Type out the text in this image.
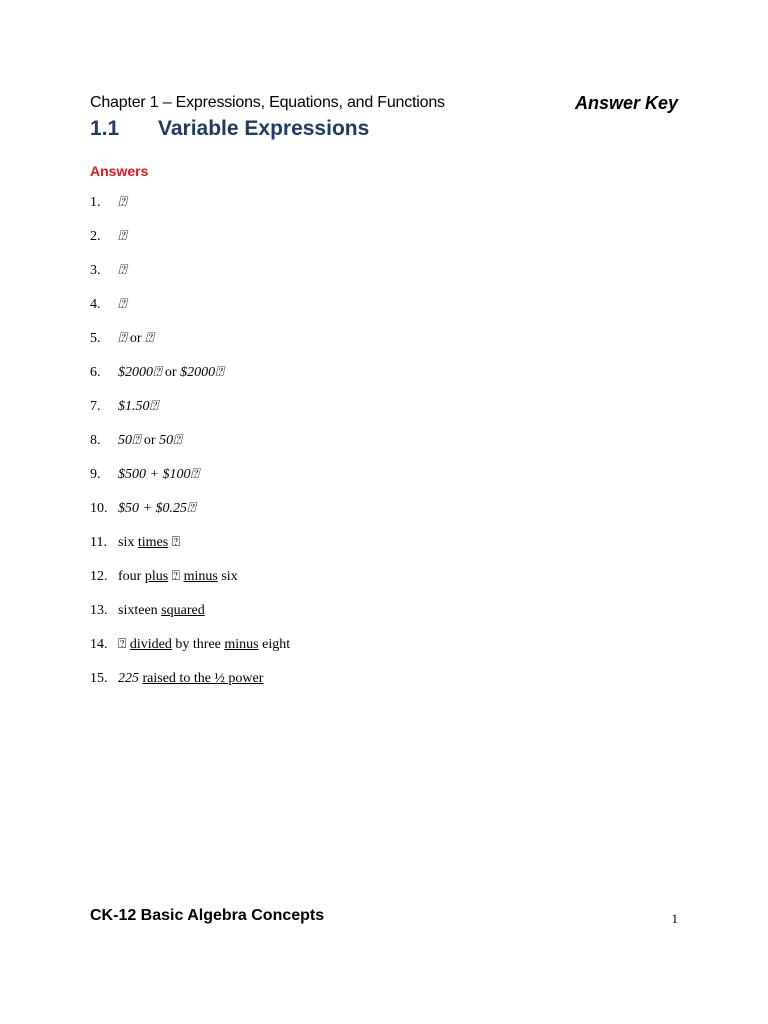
Chapter 1 – Expressions, Equations, and Functions	Answer Key
1.1 Variable Expressions
Answers
1. ⍰
2. ⍰
3. ⍰
4. ⍰
5. ⍰ or ⍰
6. $2000⍰ or $2000⍰
7. $1.50⍰
8. 50⍰ or 50⍰
9. $500 + $100⍰
10. $50 + $0.25⍰
11. six times ⍰
12. four plus ⍰ minus six
13. sixteen squared
14. ⍰ divided by three minus eight
15. 225 raised to the ½ power
CK-12 Basic Algebra Concepts	1
